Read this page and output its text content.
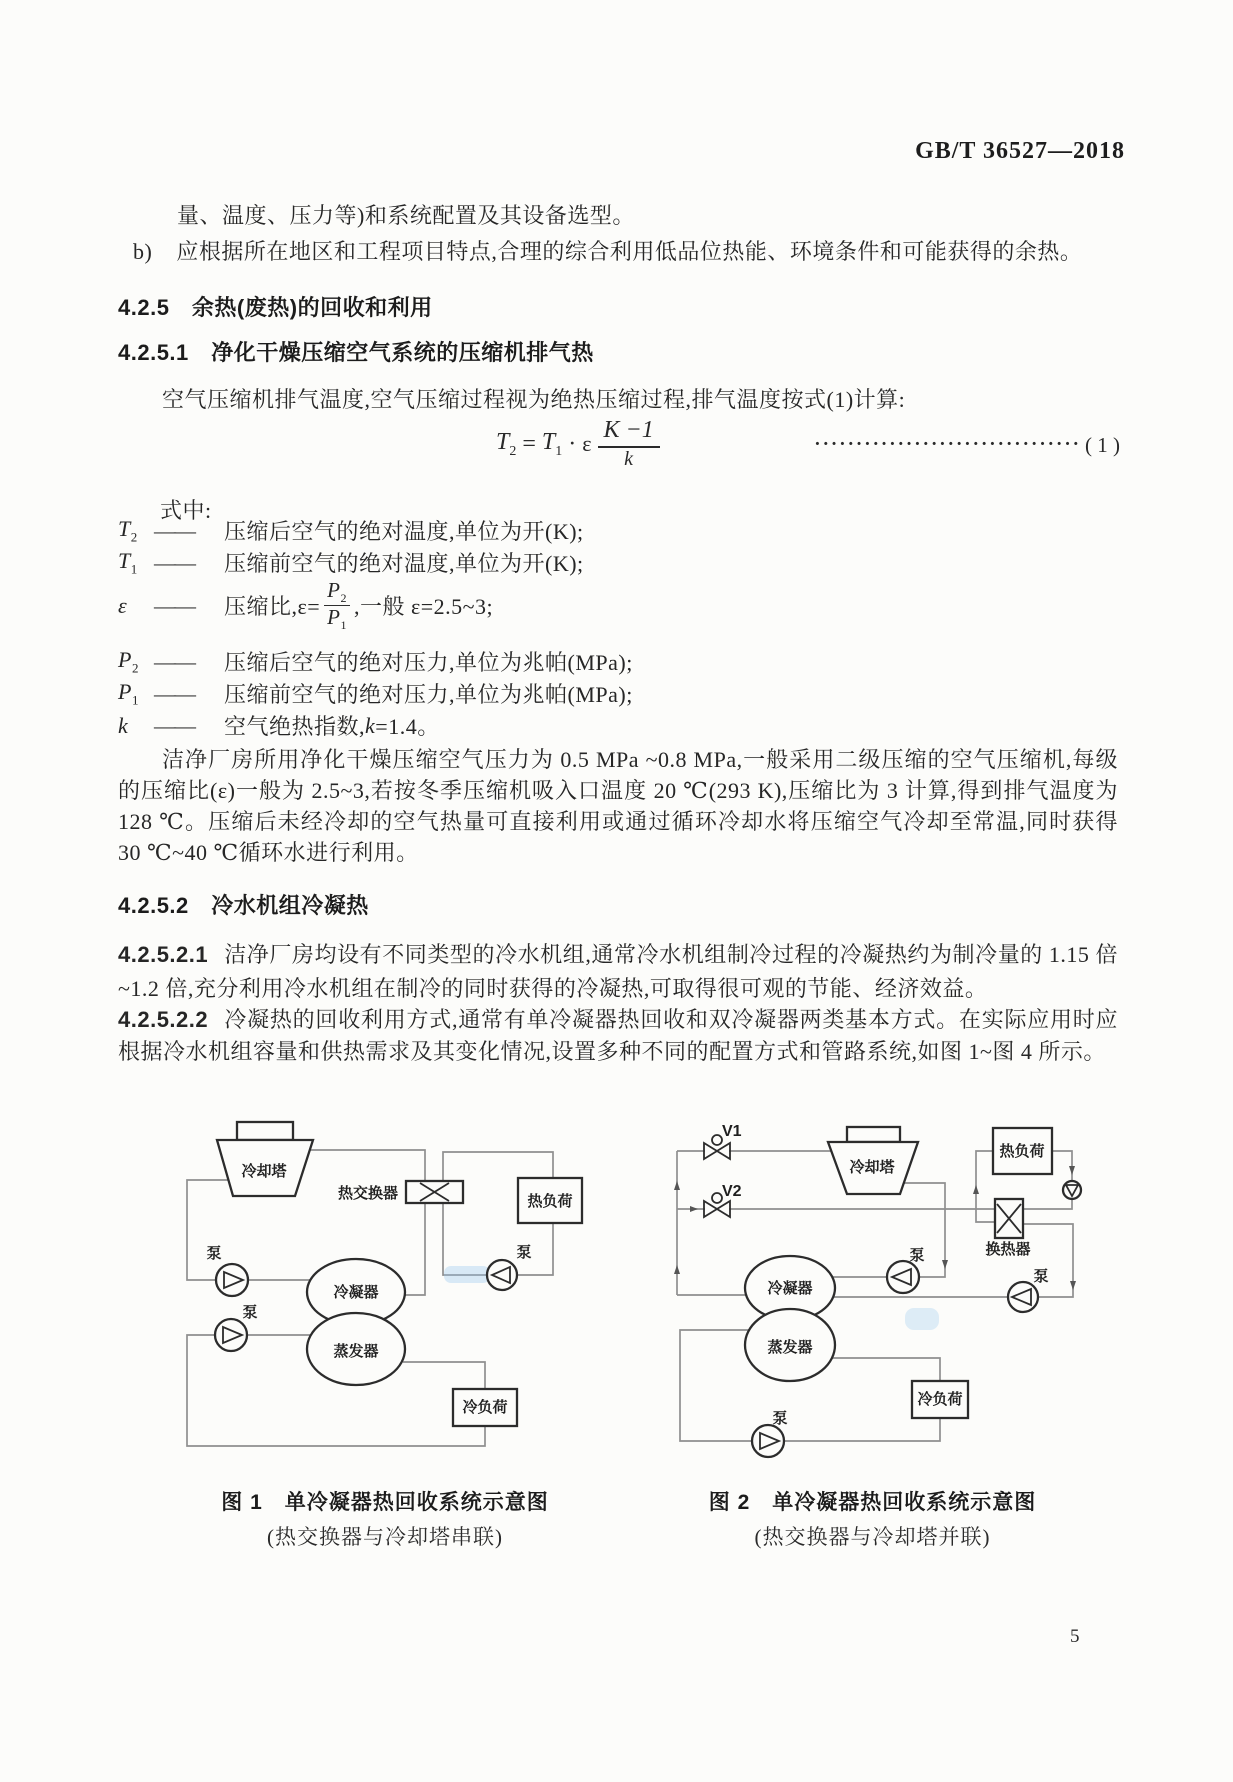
GB/T 36527—2018
量、温度、压力等)和系统配置及其设备选型。
b) 应根据所在地区和工程项目特点,合理的综合利用低品位热能、环境条件和可能获得的余热。
4.2.5　余热(废热)的回收和利用
4.2.5.1　净化干燥压缩空气系统的压缩机排气热
空气压缩机排气温度,空气压缩过程视为绝热压缩过程,排气温度按式(1)计算:
$T_2 = T_1 \cdot \varepsilon \frac{K -1}{k}$	································ ( 1 )
式中:
$T_2$ ——	压缩后空气的绝对温度,单位为开(K);
$T_1$ ——	压缩前空气的绝对温度,单位为开(K);
ε	——	压缩比$,\varepsilon= \frac{P_2}{P_1}$ ,一般 ε=2.5~3;
$P_2$ ——	压缩后空气的绝对压力,单位为兆帕(MPa);
$P_1$ ——	压缩前空气的绝对压力,单位为兆帕(MPa);
k	——	空气绝热指数, k =1.4。
洁净厂房所用净化干燥压缩空气压力为 0.5 MPa ~0.8 MPa,一般采用二级压缩的空气压缩机,每级的压缩比(ε)一般为 2.5~3,若按冬季压缩机吸入口温度 20 ℃(293 K),压缩比为 3 计算,得到排气温度为 128 ℃。压缩后未经冷却的空气热量可直接利用或通过循环冷却水将压缩空气冷却至常温,同时获得 30 ℃~40 ℃循环水进行利用。
4.2.5.2　冷水机组冷凝热
4.2.5.2.1 洁净厂房均设有不同类型的冷水机组,通常冷水机组制冷过程的冷凝热约为制冷量的 1.15 倍~1.2 倍,充分利用冷水机组在制冷的同时获得的冷凝热,可取得很可观的节能、经济效益。
4.2.5.2.2 冷凝热的回收利用方式,通常有单冷凝器热回收和双冷凝器两类基本方式。在实际应用时应根据冷水机组容量和供热需求及其变化情况,设置多种不同的配置方式和管路系统,如图 1~图 4 所示。
冷却塔
热交换器	热负荷
冷凝器
蒸发器
冷负荷
泵
泵
泵
图 1　单冷凝器热回收系统示意图
(热交换器与冷却塔串联)
V1
V2
冷却塔
热负荷
换热器
冷凝器
蒸发器
冷负荷
泵
泵
泵
图 2　单冷凝器热回收系统示意图
(热交换器与冷却塔并联)
5
